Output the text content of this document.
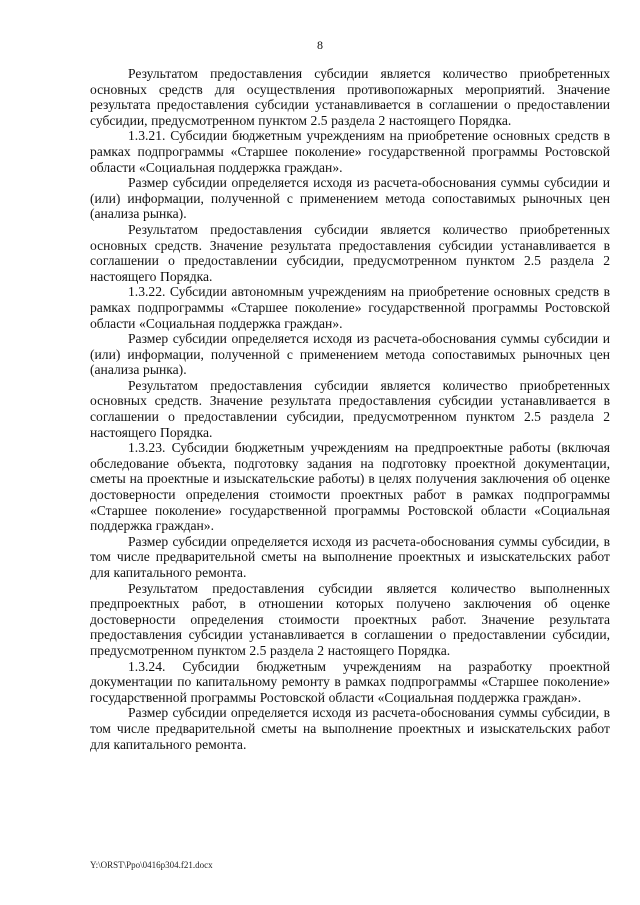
8

Результатом предоставления субсидии является количество приобретенных основных средств для осуществления противопожарных мероприятий. Значение результата предоставления субсидии устанавливается в соглашении о предоставлении субсидии, предусмотренном пунктом 2.5 раздела 2 настоящего Порядка.

1.3.21. Субсидии бюджетным учреждениям на приобретение основных средств в рамках подпрограммы «Старшее поколение» государственной программы Ростовской области «Социальная поддержка граждан».

Размер субсидии определяется исходя из расчета-обоснования суммы субсидии и (или) информации, полученной с применением метода сопоставимых рыночных цен (анализа рынка).

Результатом предоставления субсидии является количество приобретенных основных средств. Значение результата предоставления субсидии устанавливается в соглашении о предоставлении субсидии, предусмотренном пунктом 2.5 раздела 2 настоящего Порядка.

1.3.22. Субсидии автономным учреждениям на приобретение основных средств в рамках подпрограммы «Старшее поколение» государственной программы Ростовской области «Социальная поддержка граждан».

Размер субсидии определяется исходя из расчета-обоснования суммы субсидии и (или) информации, полученной с применением метода сопоставимых рыночных цен (анализа рынка).

Результатом предоставления субсидии является количество приобретенных основных средств. Значение результата предоставления субсидии устанавливается в соглашении о предоставлении субсидии, предусмотренном пунктом 2.5 раздела 2 настоящего Порядка.

1.3.23. Субсидии бюджетным учреждениям на предпроектные работы (включая обследование объекта, подготовку задания на подготовку проектной документации, сметы на проектные и изыскательские работы) в целях получения заключения об оценке достоверности определения стоимости проектных работ в рамках подпрограммы «Старшее поколение» государственной программы Ростовской области «Социальная поддержка граждан».

Размер субсидии определяется исходя из расчета-обоснования суммы субсидии, в том числе предварительной сметы на выполнение проектных и изыскательских работ для капитального ремонта.

Результатом предоставления субсидии является количество выполненных предпроектных работ, в отношении которых получено заключения об оценке достоверности определения стоимости проектных работ. Значение результата предоставления субсидии устанавливается в соглашении о предоставлении субсидии, предусмотренном пунктом 2.5 раздела 2 настоящего Порядка.

1.3.24. Субсидии бюджетным учреждениям на разработку проектной документации по капитальному ремонту в рамках подпрограммы «Старшее поколение» государственной программы Ростовской области «Социальная поддержка граждан».

Размер субсидии определяется исходя из расчета-обоснования суммы субсидии, в том числе предварительной сметы на выполнение проектных и изыскательских работ для капитального ремонта.

Y:\ORST\Ppo\0416p304.f21.docx
